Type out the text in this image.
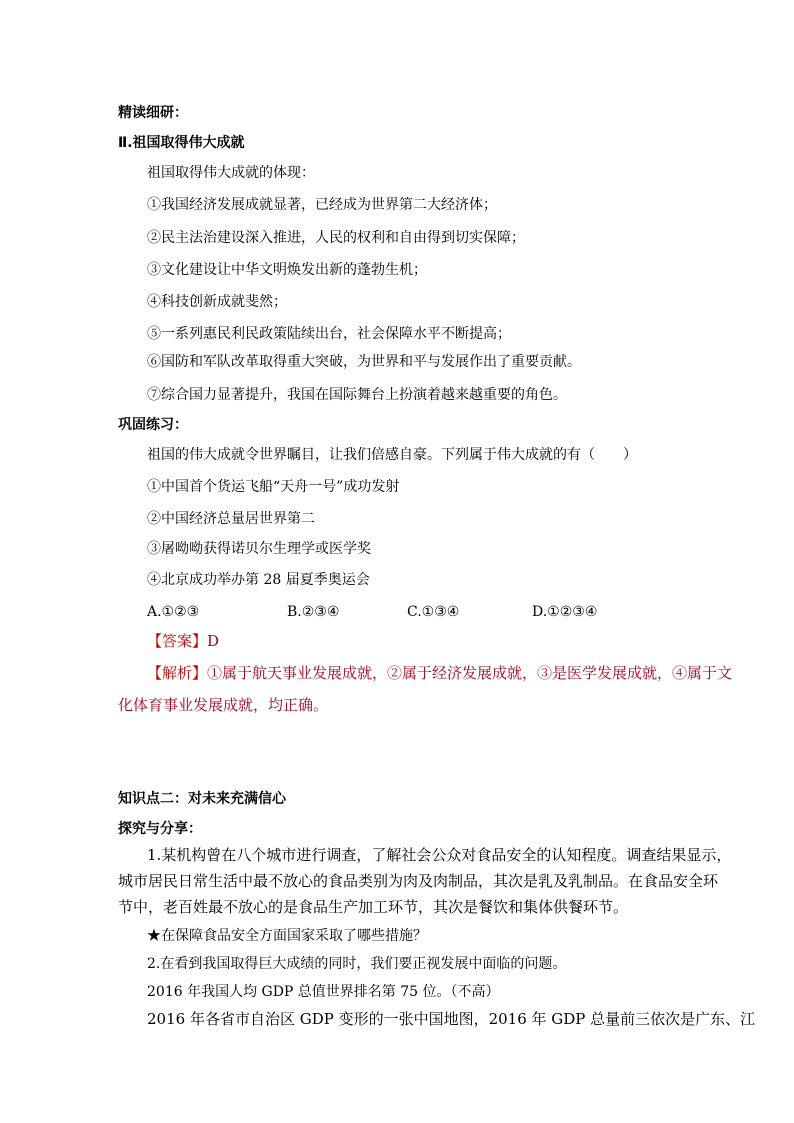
精读细研：
Ⅱ.祖国取得伟大成就
祖国取得伟大成就的体现：
①我国经济发展成就显著，已经成为世界第二大经济体；
②民主法治建设深入推进，人民的权利和自由得到切实保障；
③文化建设让中华文明焕发出新的蓬勃生机；
④科技创新成就斐然；
⑤一系列惠民利民政策陆续出台，社会保障水平不断提高；
⑥国防和军队改革取得重大突破，为世界和平与发展作出了重要贡献。
⑦综合国力显著提升，我国在国际舞台上扮演着越来越重要的角色。
巩固练习：
祖国的伟大成就令世界瞩目，让我们倍感自豪。下列属于伟大成就的有（　　）
①中国首个货运飞船“天舟一号”成功发射
②中国经济总量居世界第二
③屠呦呦获得诺贝尔生理学或医学奖
④北京成功举办第 28 届夏季奥运会
A.①②③	B.②③④	C.①③④	D.①②③④
【答案】D
【解析】①属于航天事业发展成就，②属于经济发展成就，③是医学发展成就，④属于文
化体育事业发展成就，均正确。
知识点二：对未来充满信心
探究与分享：
1.某机构曾在八个城市进行调查，了解社会公众对食品安全的认知程度。调查结果显示，
城市居民日常生活中最不放心的食品类别为肉及肉制品，其次是乳及乳制品。在食品安全环
节中，老百姓最不放心的是食品生产加工环节，其次是餐饮和集体供餐环节。
★在保障食品安全方面国家采取了哪些措施？
2.在看到我国取得巨大成绩的同时，我们要正视发展中面临的问题。
2016 年我国人均 GDP 总值世界排名第 75 位。（不高）
2016 年各省市自治区 GDP 变形的一张中国地图，2016 年 GDP 总量前三依次是广东、江
